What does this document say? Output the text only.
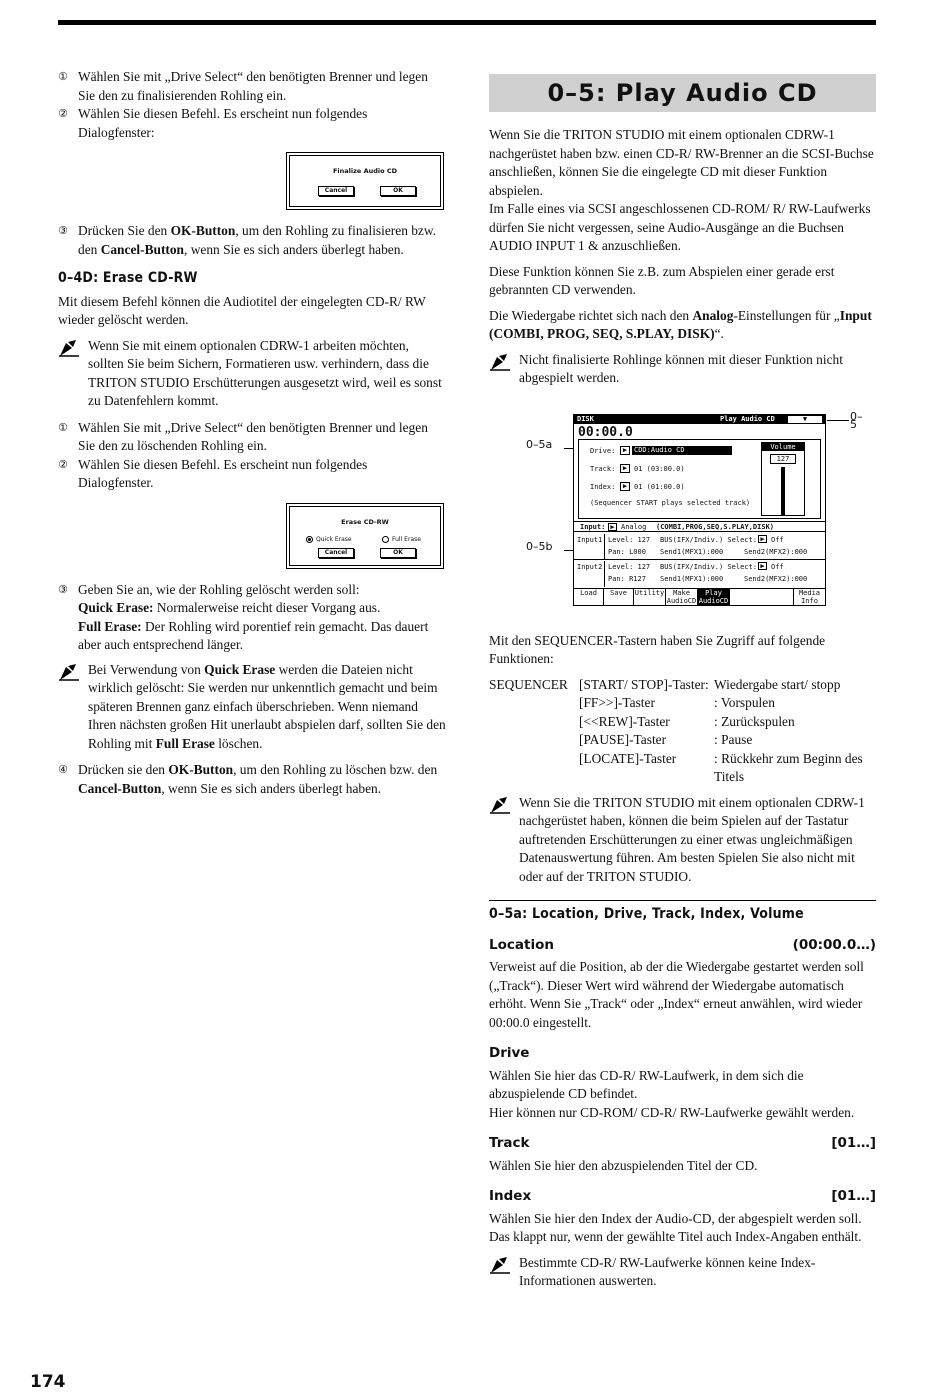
① Wählen Sie mit „Drive Select“ den benötigten Brenner und legen Sie den zu finalisierenden Rohling ein.
② Wählen Sie diesen Befehl. Es erscheint nun folgendes Dialogfenster:
Finalize Audio CD
Cancel	OK
③ Drücken Sie den OK-Button, um den Rohling zu finalisieren bzw. den Cancel-Button, wenn Sie es sich anders überlegt haben.
0–4D: Erase CD-RW
Mit diesem Befehl können die Audiotitel der eingelegten CD-R/ RW wieder gelöscht werden.
Wenn Sie mit einem optionalen CDRW-1 arbeiten möchten, sollten Sie beim Sichern, Formatieren usw. verhindern, dass die TRITON STUDIO Erschütterungen ausgesetzt wird, weil es sonst zu Datenfehlern kommt.
① Wählen Sie mit „Drive Select“ den benötigten Brenner und legen Sie den zu löschenden Rohling ein.
② Wählen Sie diesen Befehl. Es erscheint nun folgendes Dialogfenster.
Erase CD-RW
Quick Erase	Full Erase
Cancel	OK
③ Geben Sie an, wie der Rohling gelöscht werden soll:
Quick Erase: Normalerweise reicht dieser Vorgang aus.
Full Erase: Der Rohling wird porentief rein gemacht. Das dauert aber auch entsprechend länger.
Bei Verwendung von Quick Erase werden die Dateien nicht wirklich gelöscht: Sie werden nur unkenntlich gemacht und beim späteren Brennen ganz einfach überschrieben. Wenn niemand Ihren nächsten großen Hit unerlaubt abspielen darf, sollten Sie den Rohling mit Full Erase löschen.
④ Drücken sie den OK-Button, um den Rohling zu löschen bzw. den Cancel-Button, wenn Sie es sich anders überlegt haben.
0–5: Play Audio CD
Wenn Sie die TRITON STUDIO mit einem optionalen CDRW-1 nachgerüstet haben bzw. einen CD-R/ RW-Brenner an die SCSI-Buchse anschließen, können Sie die eingelegte CD mit dieser Funktion abspielen.
Im Falle eines via SCSI angeschlossenen CD-ROM/ R/ RW-Laufwerks dürfen Sie nicht vergessen, seine Audio-Ausgänge an die Buchsen AUDIO INPUT 1 & anzuschließen.
Diese Funktion können Sie z.B. zum Abspielen einer gerade erst gebrannten CD verwenden.
Die Wiedergabe richtet sich nach den Analog-Einstellungen für „Input (COMBI, PROG, SEQ, S.PLAY, DISK)“.
Nicht finalisierte Rohlinge können mit dieser Funktion nicht abgespielt werden.
0–5a
0–5b
0–5
DISK	Play Audio CD	▼
00:00.0
Drive:	▶ CDD:Audio CD
Track:	▶ 01 (03:00.0)
Index:	▶ 01 (01:00.0)
(Sequencer START plays selected track)
Volume
127
Input: ▶ Analog (COMBI,PROG,SEQ,S.PLAY,DISK)
Input1 Level: 127 BUS(IFX/Indiv.) Select: ▶ Off
Pan: L000 Send1(MFX1):000	Send2(MFX2):000
Input2 Level: 127 BUS(IFX/Indiv.) Select: ▶ Off
Pan: R127 Send1(MFX1):000	Send2(MFX2):000
Load	Save	Utility	Make AudioCD
Play AudioCD
Media Info
Mit den SEQUENCER-Tastern haben Sie Zugriff auf folgende Funktionen:
SEQUENCER [START/ STOP]-Taster: Wiedergabe start/ stopp
[FF>>]-Taster	: Vorspulen
[<<REW]-Taster	: Zurückspulen
[PAUSE]-Taster	: Pause
[LOCATE]-Taster	: Rückkehr zum Beginn des Titels
Wenn Sie die TRITON STUDIO mit einem optionalen CDRW-1 nachgerüstet haben, können die beim Spielen auf der Tastatur auftretenden Erschütterungen zu einer etwas ungleichmäßigen Datenauswertung führen. Am besten Spielen Sie also nicht mit oder auf der TRITON STUDIO.
0–5a: Location, Drive, Track, Index, Volume
Location	(00:00.0…)
Verweist auf die Position, ab der die Wiedergabe gestartet werden soll („Track“). Dieser Wert wird während der Wiedergabe automatisch erhöht. Wenn Sie „Track“ oder „Index“ erneut anwählen, wird wieder 00:00.0 eingestellt.
Drive
Wählen Sie hier das CD-R/ RW-Laufwerk, in dem sich die abzuspielende CD befindet.
Hier können nur CD-ROM/ CD-R/ RW-Laufwerke gewählt werden.
Track	[01…]
Wählen Sie hier den abzuspielenden Titel der CD.
Index	[01…]
Wählen Sie hier den Index der Audio-CD, der abgespielt werden soll. Das klappt nur, wenn der gewählte Titel auch Index-Angaben enthält.
Bestimmte CD-R/ RW-Laufwerke können keine Index-Informationen auswerten.
174
